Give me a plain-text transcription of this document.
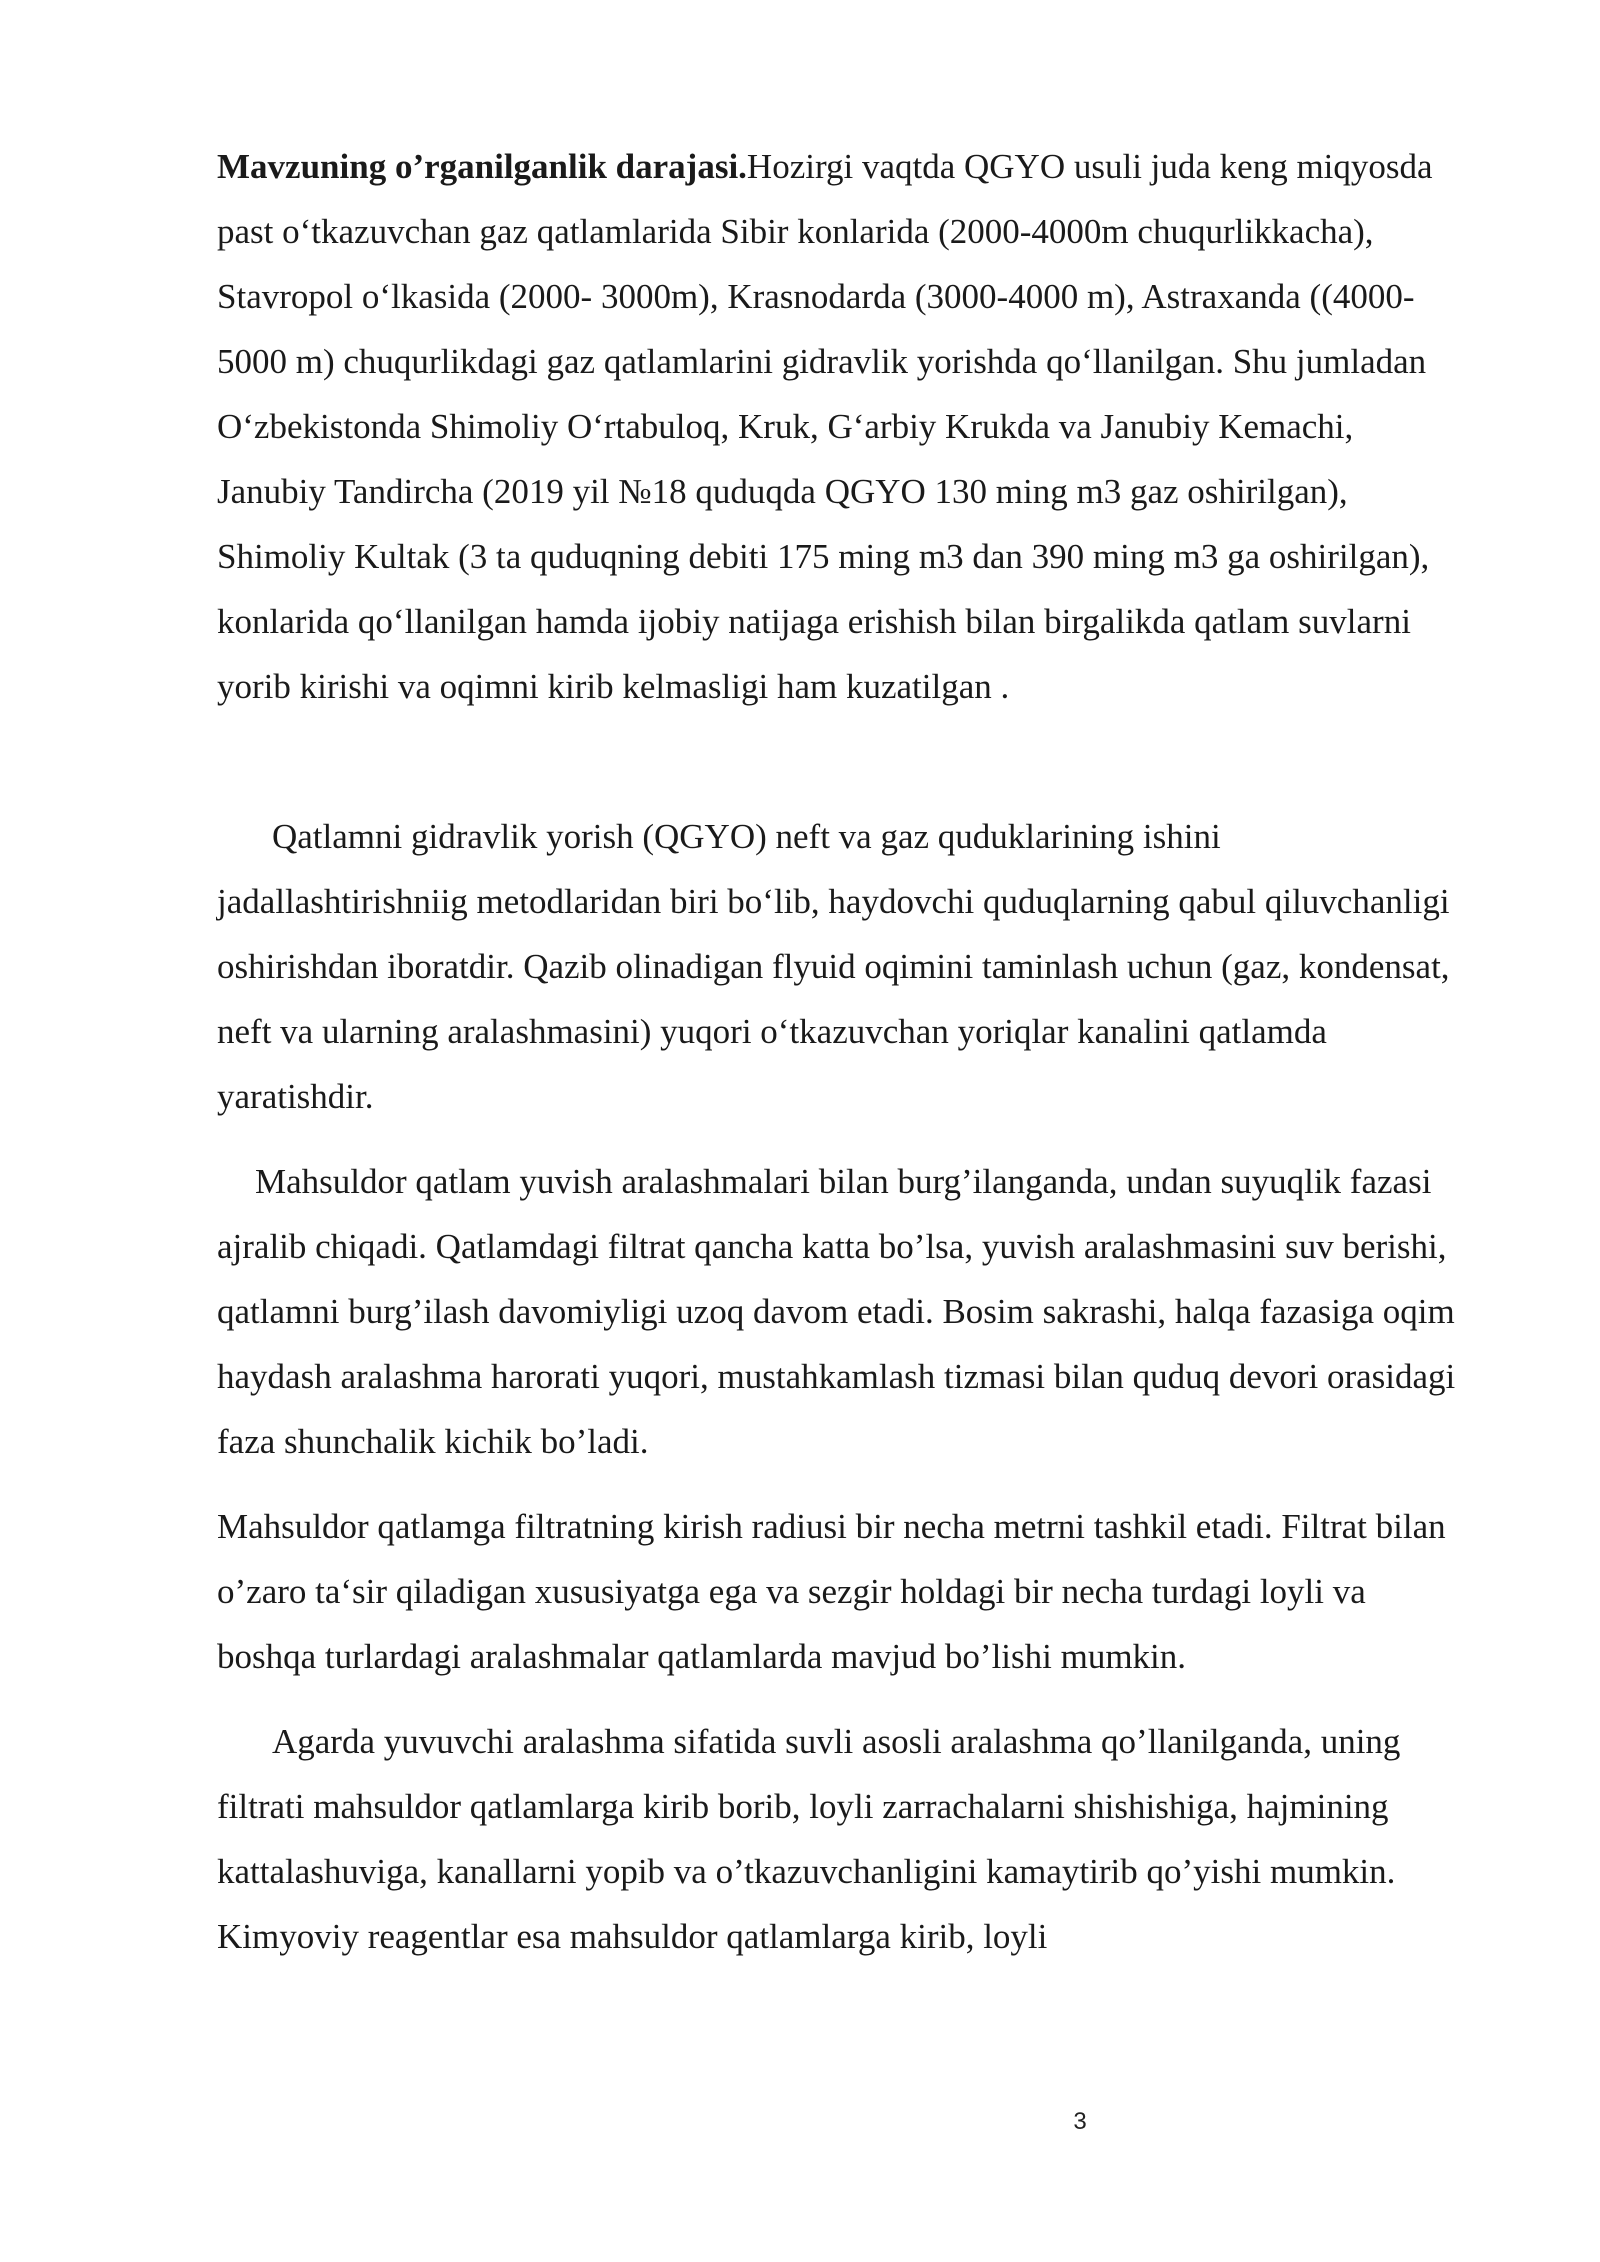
Mavzuning o’rganilganlik darajasi.Hozirgi vaqtda QGYO usuli juda keng miqyosda past o‘tkazuvchan gaz qatlamlarida Sibir konlarida (2000-4000m chuqurlikkacha), Stavropol o‘lkasida (2000- 3000m), Krasnodarda (3000-4000 m), Astraxanda ((4000-5000 m) chuqurlikdagi gaz qatlamlarini gidravlik yorishda qo‘llanilgan. Shu jumladan O‘zbekistonda Shimoliy O‘rtabuloq, Kruk, G‘arbiy Krukda va Janubiy Kemachi, Janubiy Tandircha (2019 yil №18 quduqda QGYO 130 ming m3 gaz oshirilgan), Shimoliy Kultak (3 ta quduqning debiti 175 ming m3 dan 390 ming m3 ga oshirilgan), konlarida qo‘llanilgan hamda ijobiy natijaga erishish bilan birgalikda qatlam suvlarni yorib kirishi va oqimni kirib kelmasligi ham kuzatilgan .

Qatlamni gidravlik yorish (QGYO) neft va gaz quduklarining ishini jadallashtirishniig metodlaridan biri bo‘lib, haydovchi quduqlarning qabul qiluvchanligi oshirishdan iboratdir. Qazib olinadigan flyuid oqimini taminlash uchun (gaz, kondensat, neft va ularning aralashmasini) yuqori o‘tkazuvchan yoriqlar kanalini qatlamda yaratishdir.

Mahsuldor qatlam yuvish aralashmalari bilan burg’ilanganda, undan suyuqlik fazasi ajralib chiqadi. Qatlamdagi filtrat qancha katta bo’lsa, yuvish aralashmasini suv berishi, qatlamni burg’ilash davomiyligi uzoq davom etadi. Bosim sakrashi, halqa fazasiga oqim haydash aralashma harorati yuqori, mustahkamlash tizmasi bilan quduq devori orasidagi faza shunchalik kichik bo’ladi.

Mahsuldor qatlamga filtratning kirish radiusi bir necha metrni tashkil etadi. Filtrat bilan o’zaro ta‘sir qiladigan xususiyatga ega va sezgir holdagi bir necha turdagi loyli va boshqa turlardagi aralashmalar qatlamlarda mavjud bo’lishi mumkin.

Agarda yuvuvchi aralashma sifatida suvli asosli aralashma qo’llanilganda, uning filtrati mahsuldor qatlamlarga kirib borib, loyli zarrachalarni shishishiga, hajmining kattalashuviga, kanallarni yopib va o’tkazuvchanligini kamaytirib qo’yishi mumkin. Kimyoviy reagentlar esa mahsuldor qatlamlarga kirib, loyli

3
